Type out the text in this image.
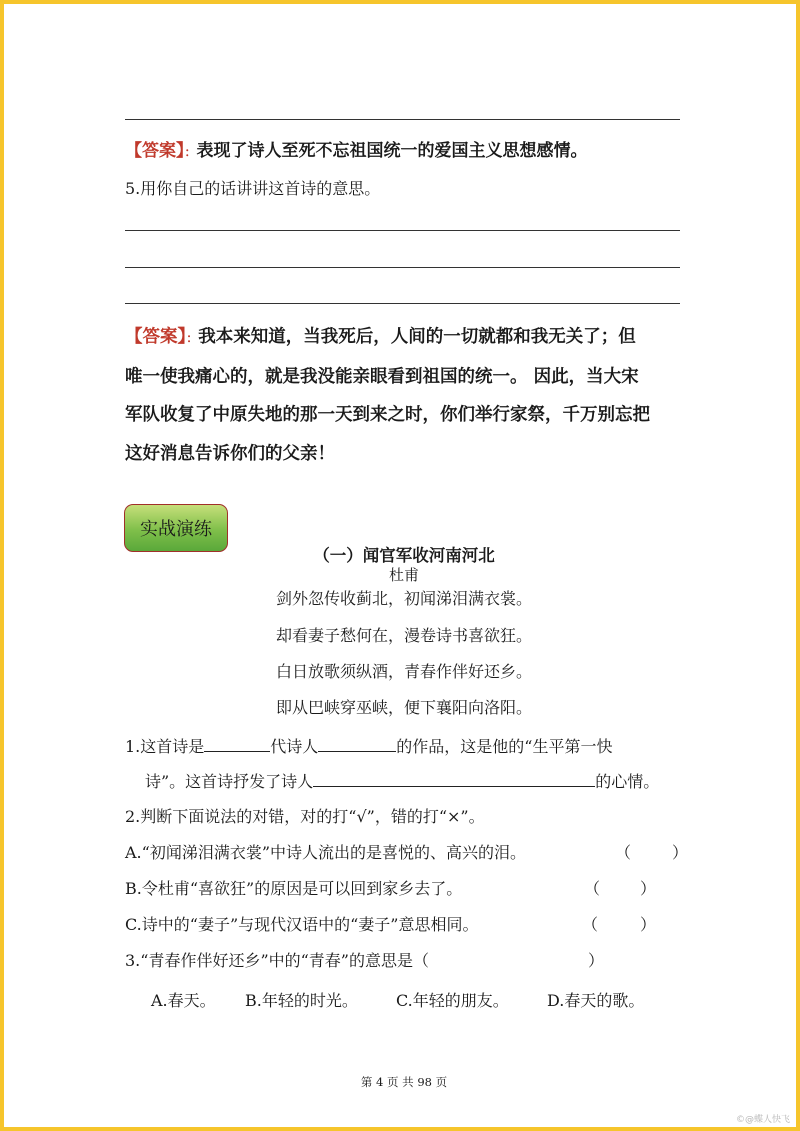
【答案】：表现了诗人至死不忘祖国统一的爱国主义思想感情。
5.用你自己的话讲讲这首诗的意思。
【答案】：我本来知道，当我死后，人间的一切就都和我无关了；但
唯一使我痛心的，就是我没能亲眼看到祖国的统一。 因此，当大宋
军队收复了中原失地的那一天到来之时，你们举行家祭，千万别忘把
这好消息告诉你们的父亲！
实战演练
（一）闻官军收河南河北
杜甫
剑外忽传收蓟北，初闻涕泪满衣裳。
却看妻子愁何在，漫卷诗书喜欲狂。
白日放歌须纵酒，青春作伴好还乡。
即从巴峡穿巫峡，便下襄阳向洛阳。
1.这首诗是	代诗人	的作品，这是他的“生平第一快
诗”。这首诗抒发了诗人	的心情。
2.判断下面说法的对错，对的打“√”，错的打“×”。
A.“初闻涕泪满衣裳”中诗人流出的是喜悦的、高兴的泪。	（	）
B.令杜甫“喜欲狂”的原因是可以回到家乡去了。	（ ）
C.诗中的“妻子”与现代汉语中的“妻子”意思相同。	（	）
3.“青春作伴好还乡”中的“青春”的意思是（	）
A.春天。 B.年轻的时光。 C.年轻的朋友。 D.春天的歌。
第 4 页 共 98 页
©@蝶人快飞
